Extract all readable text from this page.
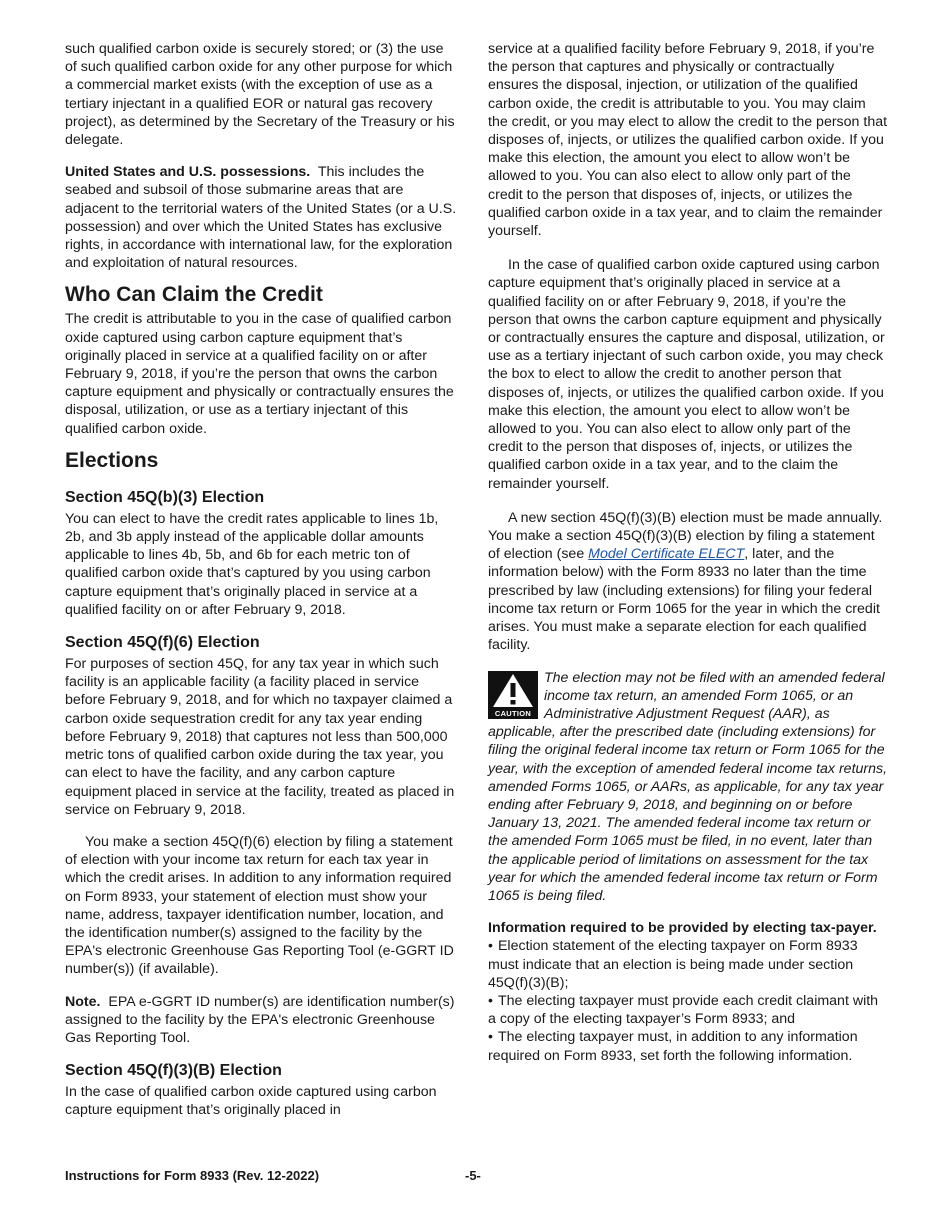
such qualified carbon oxide is securely stored; or (3) the use of such qualified carbon oxide for any other purpose for which a commercial market exists (with the exception of use as a tertiary injectant in a qualified EOR or natural gas recovery project), as determined by the Secretary of the Treasury or his delegate.

United States and U.S. possessions. This includes the seabed and subsoil of those submarine areas that are adjacent to the territorial waters of the United States (or a U.S. possession) and over which the United States has exclusive rights, in accordance with international law, for the exploration and exploitation of natural resources.

Who Can Claim the Credit

The credit is attributable to you in the case of qualified carbon oxide captured using carbon capture equipment that’s originally placed in service at a qualified facility on or after February 9, 2018, if you’re the person that owns the carbon capture equipment and physically or contractually ensures the disposal, utilization, or use as a tertiary injectant of this qualified carbon oxide.

Elections
Section 45Q(b)(3) Election

You can elect to have the credit rates applicable to lines 1b, 2b, and 3b apply instead of the applicable dollar amounts applicable to lines 4b, 5b, and 6b for each metric ton of qualified carbon oxide that’s captured by you using carbon capture equipment that’s originally placed in service at a qualified facility on or after February 9, 2018.

Section 45Q(f)(6) Election

For purposes of section 45Q, for any tax year in which such facility is an applicable facility (a facility placed in service before February 9, 2018, and for which no taxpayer claimed a carbon oxide sequestration credit for any tax year ending before February 9, 2018) that captures not less than 500,000 metric tons of qualified carbon oxide during the tax year, you can elect to have the facility, and any carbon capture equipment placed in service at the facility, treated as placed in service on February 9, 2018.

You make a section 45Q(f)(6) election by filing a statement of election with your income tax return for each tax year in which the credit arises. In addition to any information required on Form 8933, your statement of election must show your name, address, taxpayer identification number, location, and the identification number(s) assigned to the facility by the EPA's electronic Greenhouse Gas Reporting Tool (e-GGRT ID number(s)) (if available).

Note. EPA e-GGRT ID number(s) are identification number(s) assigned to the facility by the EPA's electronic Greenhouse Gas Reporting Tool.

Section 45Q(f)(3)(B) Election

In the case of qualified carbon oxide captured using carbon capture equipment that’s originally placed in

service at a qualified facility before February 9, 2018, if you’re the person that captures and physically or contractually ensures the disposal, injection, or utilization of the qualified carbon oxide, the credit is attributable to you. You may claim the credit, or you may elect to allow the credit to the person that disposes of, injects, or utilizes the qualified carbon oxide. If you make this election, the amount you elect to allow won’t be allowed to you. You can also elect to allow only part of the credit to the person that disposes of, injects, or utilizes the qualified carbon oxide in a tax year, and to claim the remainder yourself.

In the case of qualified carbon oxide captured using carbon capture equipment that’s originally placed in service at a qualified facility on or after February 9, 2018, if you’re the person that owns the carbon capture equipment and physically or contractually ensures the capture and disposal, utilization, or use as a tertiary injectant of such carbon oxide, you may check the box to elect to allow the credit to another person that disposes of, injects, or utilizes the qualified carbon oxide. If you make this election, the amount you elect to allow won’t be allowed to you. You can also elect to allow only part of the credit to the person that disposes of, injects, or utilizes the qualified carbon oxide in a tax year, and to the claim the remainder yourself.

A new section 45Q(f)(3)(B) election must be made annually. You make a section 45Q(f)(3)(B) election by filing a statement of election (see Model Certificate ELECT, later, and the information below) with the Form 8933 no later than the time prescribed by law (including extensions) for filing your federal income tax return or Form 1065 for the year in which the credit arises. You must make a separate election for each qualified facility.

CAUTION

The election may not be filed with an amended federal income tax return, an amended Form 1065, or an Administrative Adjustment Request (AAR), as applicable, after the prescribed date (including extensions) for filing the original federal income tax return or Form 1065 for the year, with the exception of amended federal income tax returns, amended Forms 1065, or AARs, as applicable, for any tax year ending after February 9, 2018, and beginning on or before January 13, 2021. The amended federal income tax return or the amended Form 1065 must be filed, in no event, later than the applicable period of limitations on assessment for the tax year for which the amended federal income tax return or Form 1065 is being filed.

Information required to be provided by electing tax-payer.

• Election statement of the electing taxpayer on Form 8933 must indicate that an election is being made under section 45Q(f)(3)(B);

• The electing taxpayer must provide each credit claimant with a copy of the electing taxpayer’s Form 8933; and

• The electing taxpayer must, in addition to any information required on Form 8933, set forth the following information.

Instructions for Form 8933 (Rev. 12-2022)	-5-
